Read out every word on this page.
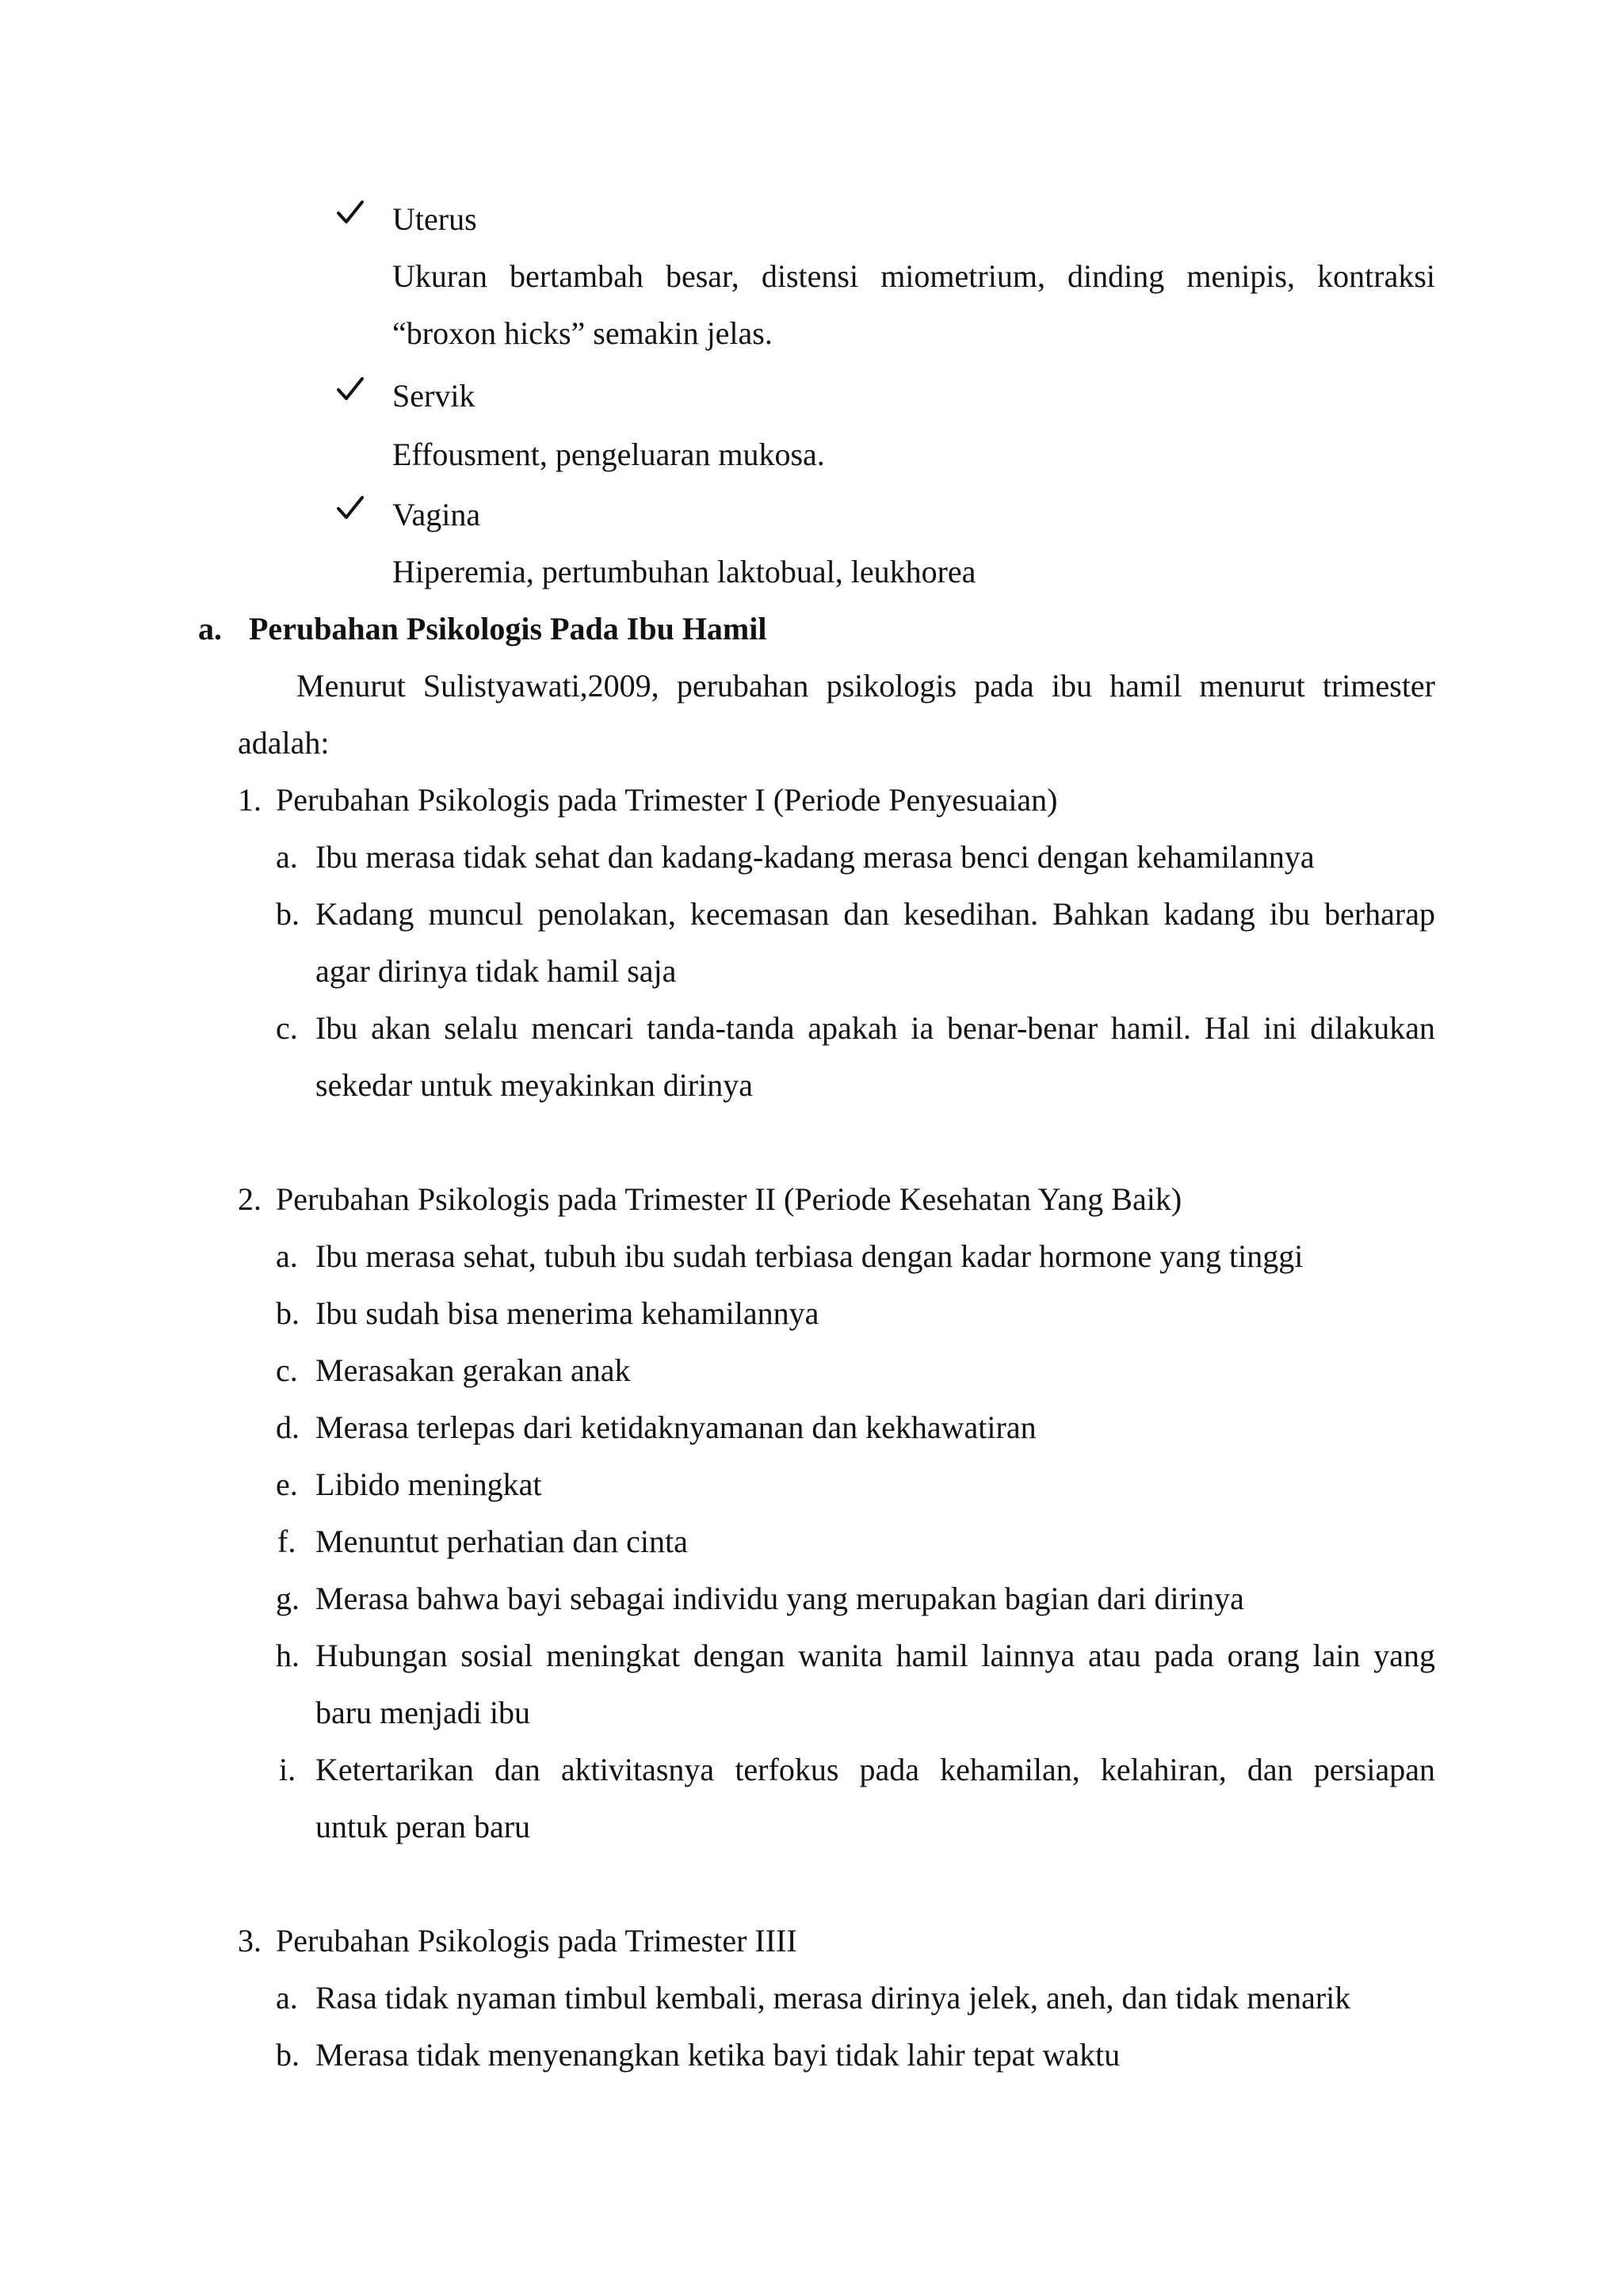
Uterus
Ukuran bertambah besar, distensi miometrium, dinding menipis, kontraksi
“broxon hicks” semakin jelas.
Servik
Effousment, pengeluaran mukosa.
Vagina
Hiperemia, pertumbuhan laktobual, leukhorea
a. Perubahan Psikologis Pada Ibu Hamil
Menurut Sulistyawati,2009, perubahan psikologis pada ibu hamil menurut trimester
adalah:
1. Perubahan Psikologis pada Trimester I (Periode Penyesuaian)
a. Ibu merasa tidak sehat dan kadang-kadang merasa benci dengan kehamilannya
b. Kadang muncul penolakan, kecemasan dan kesedihan. Bahkan kadang ibu berharap
agar dirinya tidak hamil saja
c. Ibu akan selalu mencari tanda-tanda apakah ia benar-benar hamil. Hal ini dilakukan
sekedar untuk meyakinkan dirinya
2. Perubahan Psikologis pada Trimester II (Periode Kesehatan Yang Baik)
a. Ibu merasa sehat, tubuh ibu sudah terbiasa dengan kadar hormone yang tinggi
b. Ibu sudah bisa menerima kehamilannya
c. Merasakan gerakan anak
d. Merasa terlepas dari ketidaknyamanan dan kekhawatiran
e. Libido meningkat
f. Menuntut perhatian dan cinta
g. Merasa bahwa bayi sebagai individu yang merupakan bagian dari dirinya
h. Hubungan sosial meningkat dengan wanita hamil lainnya atau pada orang lain yang
baru menjadi ibu
i. Ketertarikan dan aktivitasnya terfokus pada kehamilan, kelahiran, dan persiapan
untuk peran baru
3. Perubahan Psikologis pada Trimester IIII
a. Rasa tidak nyaman timbul kembali, merasa dirinya jelek, aneh, dan tidak menarik
b. Merasa tidak menyenangkan ketika bayi tidak lahir tepat waktu
